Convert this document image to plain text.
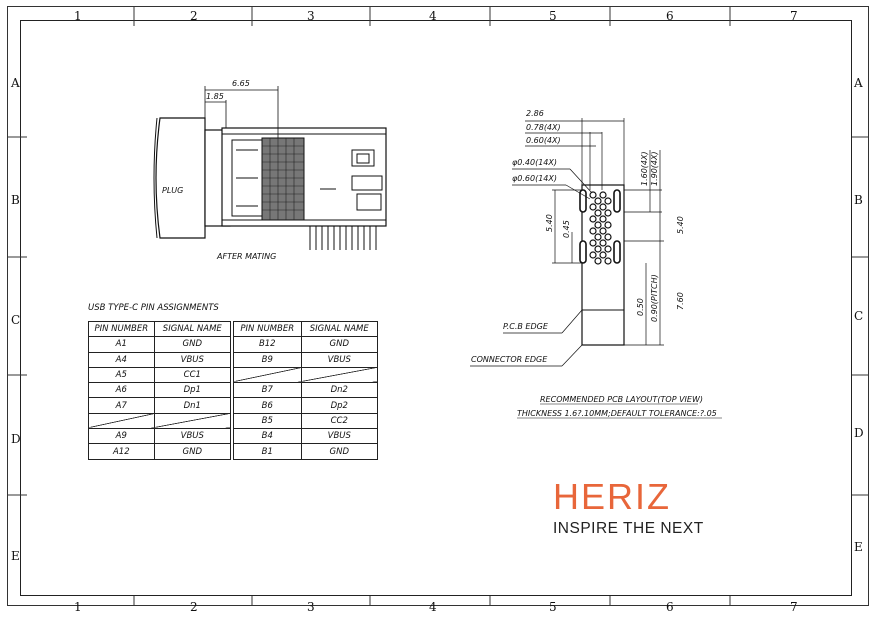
1	2	3	4	5	6	7
1	2	3	4	5	6	7
A
B
C
D
E
A
B
C
D
E
6.65
1.85
PLUG
AFTER MATING
2.86
0.78(4X)
0.60(4X)
φ0.40(14X)
φ0.60(14X)	1.60(4X) 1.90(4X)
5.40 0.45	5.40
0.50 0.90(PITCH) 7.60
P.C.B EDGE
CONNECTOR EDGE
RECOMMENDED PCB LAYOUT(TOP VIEW)
THICKNESS 1.6?.10MM;DEFAULT TOLERANCE:?.05
USB TYPE-C PIN ASSIGNMENTS
PIN NUMBER	SIGNAL NAME
A1	GND
A4	VBUS
A5	CC1
A6	Dp1
A7	Dn1

A9	VBUS
A12	GND
PIN NUMBER	SIGNAL NAME
B12	GND
B9	VBUS

B7	Dn2
B6	Dp2
B5	CC2
B4	VBUS
B1	GND
HERIZ
INSPIRE THE NEXT
